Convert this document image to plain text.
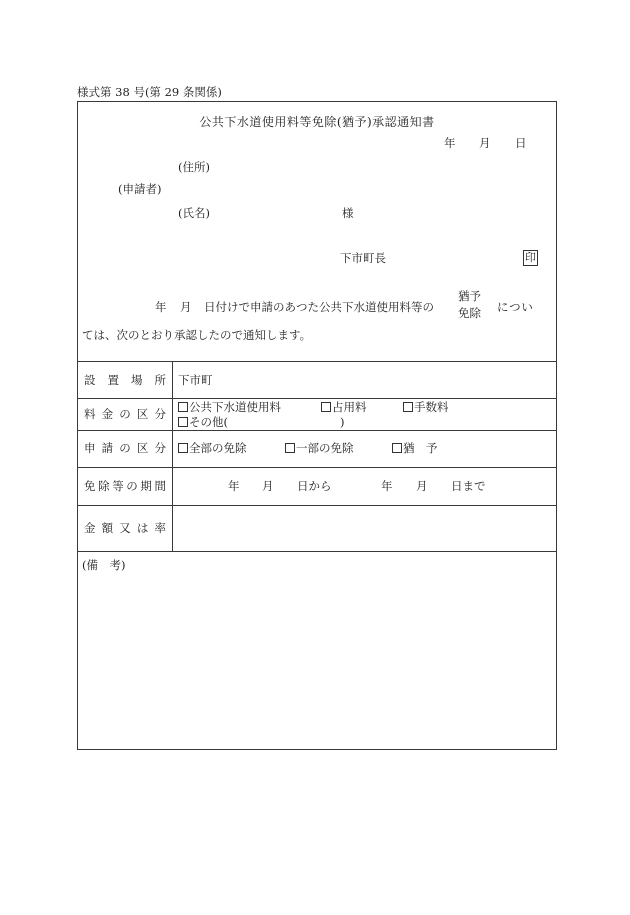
様式第 38 号(第 29 条関係)
公共下水道使用料等免除(猶予)承認通知書
年 月 日
(住所)
(申請者)
(氏名)	様
下市町長	印
年 月 日付けで申請のあつた公共下水道使用料等の
猶予
免除 につい
ては、次のとおり承認したので通知します。
設 置 場 所 下市町
料 金 の 区 分 公共下水道使用料	占用料	手数料
その他(	)
申 請 の 区 分 全部の免除	一部の免除	猶　予
免除等の期間	年 月 日から	年 月 日まで
金 額 又 は 率
(備　考)
